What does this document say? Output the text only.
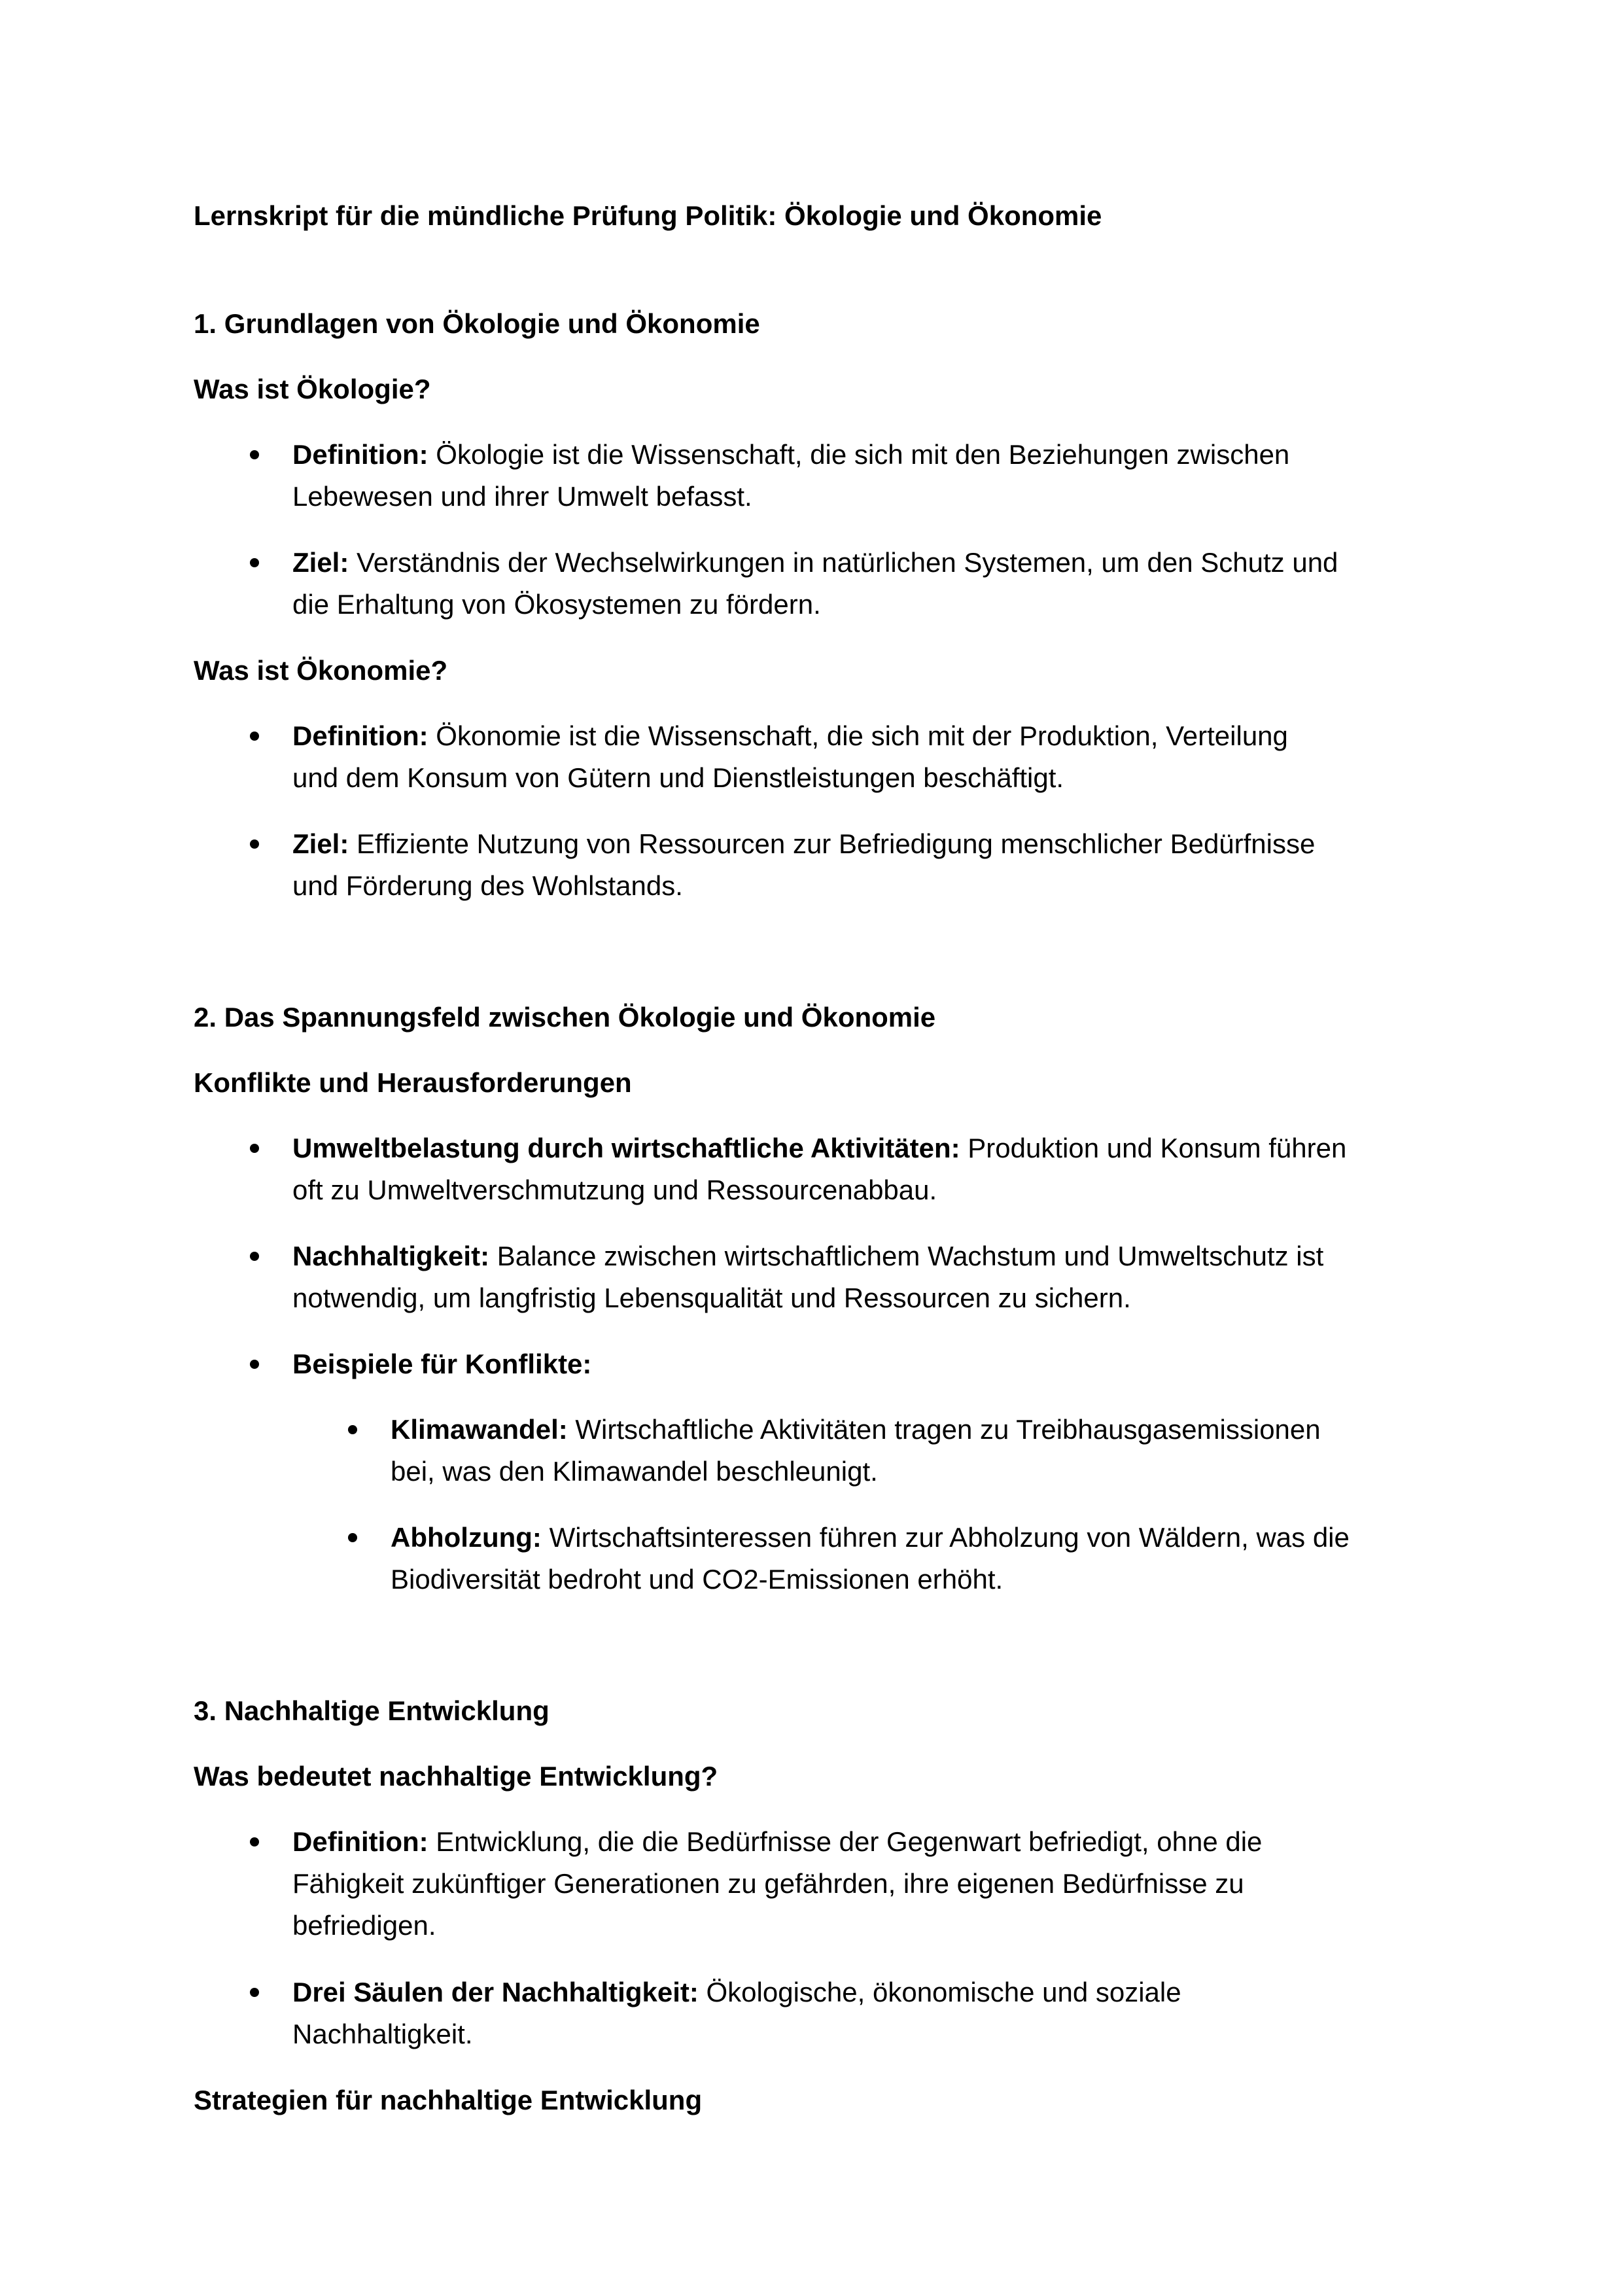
Lernskript für die mündliche Prüfung Politik: Ökologie und Ökonomie
1. Grundlagen von Ökologie und Ökonomie
Was ist Ökologie?
Definition: Ökologie ist die Wissenschaft, die sich mit den Beziehungen zwischen
Lebewesen und ihrer Umwelt befasst.
Ziel: Verständnis der Wechselwirkungen in natürlichen Systemen, um den Schutz und
die Erhaltung von Ökosystemen zu fördern.
Was ist Ökonomie?
Definition: Ökonomie ist die Wissenschaft, die sich mit der Produktion, Verteilung
und dem Konsum von Gütern und Dienstleistungen beschäftigt.
Ziel: Effiziente Nutzung von Ressourcen zur Befriedigung menschlicher Bedürfnisse
und Förderung des Wohlstands.
2. Das Spannungsfeld zwischen Ökologie und Ökonomie
Konflikte und Herausforderungen
Umweltbelastung durch wirtschaftliche Aktivitäten: Produktion und Konsum führen
oft zu Umweltverschmutzung und Ressourcenabbau.
Nachhaltigkeit: Balance zwischen wirtschaftlichem Wachstum und Umweltschutz ist
notwendig, um langfristig Lebensqualität und Ressourcen zu sichern.
Beispiele für Konflikte:
Klimawandel: Wirtschaftliche Aktivitäten tragen zu Treibhausgasemissionen
bei, was den Klimawandel beschleunigt.
Abholzung: Wirtschaftsinteressen führen zur Abholzung von Wäldern, was die
Biodiversität bedroht und CO2-Emissionen erhöht.
3. Nachhaltige Entwicklung
Was bedeutet nachhaltige Entwicklung?
Definition: Entwicklung, die die Bedürfnisse der Gegenwart befriedigt, ohne die
Fähigkeit zukünftiger Generationen zu gefährden, ihre eigenen Bedürfnisse zu
befriedigen.
Drei Säulen der Nachhaltigkeit: Ökologische, ökonomische und soziale
Nachhaltigkeit.
Strategien für nachhaltige Entwicklung
